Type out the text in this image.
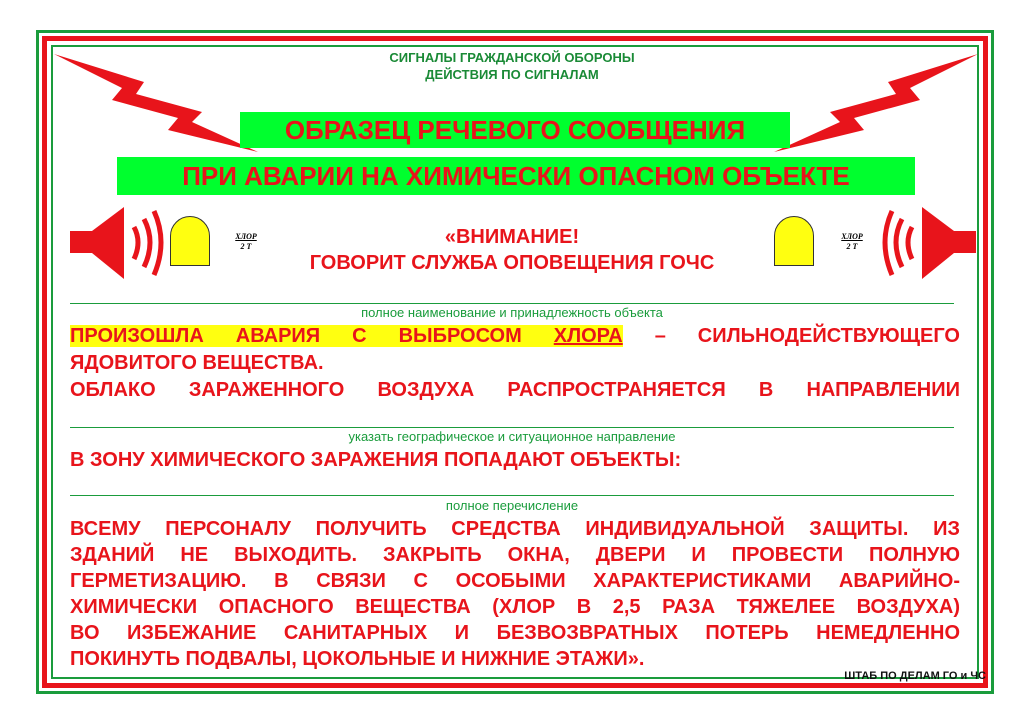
СИГНАЛЫ ГРАЖДАНСКОЙ ОБОРОНЫ
ДЕЙСТВИЯ ПО СИГНАЛАМ
ОБРАЗЕЦ РЕЧЕВОГО СООБЩЕНИЯ
ПРИ АВАРИИ НА ХИМИЧЕСКИ ОПАСНОМ ОБЪЕКТЕ
ХЛОР
2 Т
ХЛОР
2 Т
«ВНИМАНИЕ!
ГОВОРИТ СЛУЖБА ОПОВЕЩЕНИЯ ГОЧС
полное наименование и принадлежность объекта
ПРОИЗОШЛА АВАРИЯ С ВЫБРОСОМ ХЛОРА – СИЛЬНОДЕЙСТВУЮЩЕГО
ЯДОВИТОГО ВЕЩЕСТВА.
ОБЛАКО ЗАРАЖЕННОГО ВОЗДУХА РАСПРОСТРАНЯЕТСЯ В НАПРАВЛЕНИИ
указать географическое и ситуационное направление
В ЗОНУ ХИМИЧЕСКОГО ЗАРАЖЕНИЯ ПОПАДАЮТ ОБЪЕКТЫ:
полное перечисление
ВСЕМУ ПЕРСОНАЛУ ПОЛУЧИТЬ СРЕДСТВА ИНДИВИДУАЛЬНОЙ ЗАЩИТЫ. ИЗ
ЗДАНИЙ НЕ ВЫХОДИТЬ. ЗАКРЫТЬ ОКНА, ДВЕРИ И ПРОВЕСТИ ПОЛНУЮ
ГЕРМЕТИЗАЦИЮ. В СВЯЗИ С ОСОБЫМИ ХАРАКТЕРИСТИКАМИ АВАРИЙНО-
ХИМИЧЕСКИ ОПАСНОГО ВЕЩЕСТВА (ХЛОР В 2,5 РАЗА ТЯЖЕЛЕЕ ВОЗДУХА)
ВО ИЗБЕЖАНИЕ САНИТАРНЫХ И БЕЗВОЗВРАТНЫХ ПОТЕРЬ НЕМЕДЛЕННО
ПОКИНУТЬ ПОДВАЛЫ, ЦОКОЛЬНЫЕ И НИЖНИЕ ЭТАЖИ».
ШТАБ ПО ДЕЛАМ ГО и ЧС
